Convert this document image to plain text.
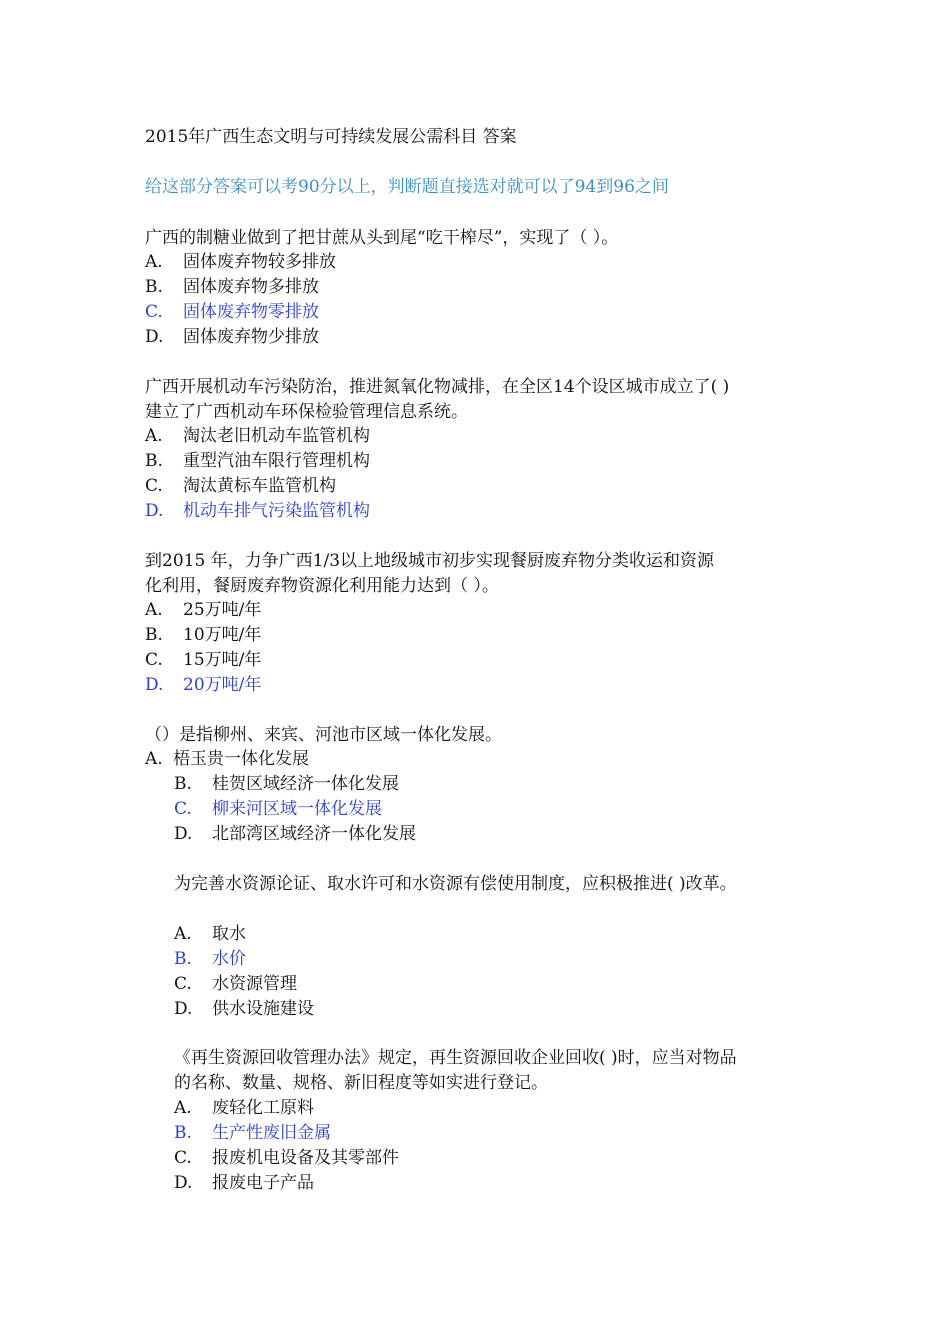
2015年广西生态文明与可持续发展公需科目 答案
给这部分答案可以考90分以上，判断题直接选对就可以了94到96之间
广西的制糖业做到了把甘蔗从头到尾“吃干榨尽”，实现了（ ）。
A. 固体废弃物较多排放
B. 固体废弃物多排放
C. 固体废弃物零排放
D. 固体废弃物少排放
广西开展机动车污染防治，推进氮氧化物减排，在全区14个设区城市成立了( )
建立了广西机动车环保检验管理信息系统。
A. 淘汰老旧机动车监管机构
B. 重型汽油车限行管理机构
C. 淘汰黄标车监管机构
D. 机动车排气污染监管机构
到2015 年，力争广西1/3以上地级城市初步实现餐厨废弃物分类收运和资源
化利用，餐厨废弃物资源化利用能力达到（ ）。
A. 25万吨/年
B. 10万吨/年
C. 15万吨/年
D. 20万吨/年
（）是指柳州、来宾、河池市区域一体化发展。
A. 梧玉贵一体化发展
B. 桂贺区域经济一体化发展
C. 柳来河区域一体化发展
D. 北部湾区域经济一体化发展
为完善水资源论证、取水许可和水资源有偿使用制度，应积极推进( )改革。
A. 取水
B. 水价
C. 水资源管理
D. 供水设施建设
《再生资源回收管理办法》规定，再生资源回收企业回收( )时，应当对物品
的名称、数量、规格、新旧程度等如实进行登记。
A. 废轻化工原料
B. 生产性废旧金属
C. 报废机电设备及其零部件
D. 报废电子产品
